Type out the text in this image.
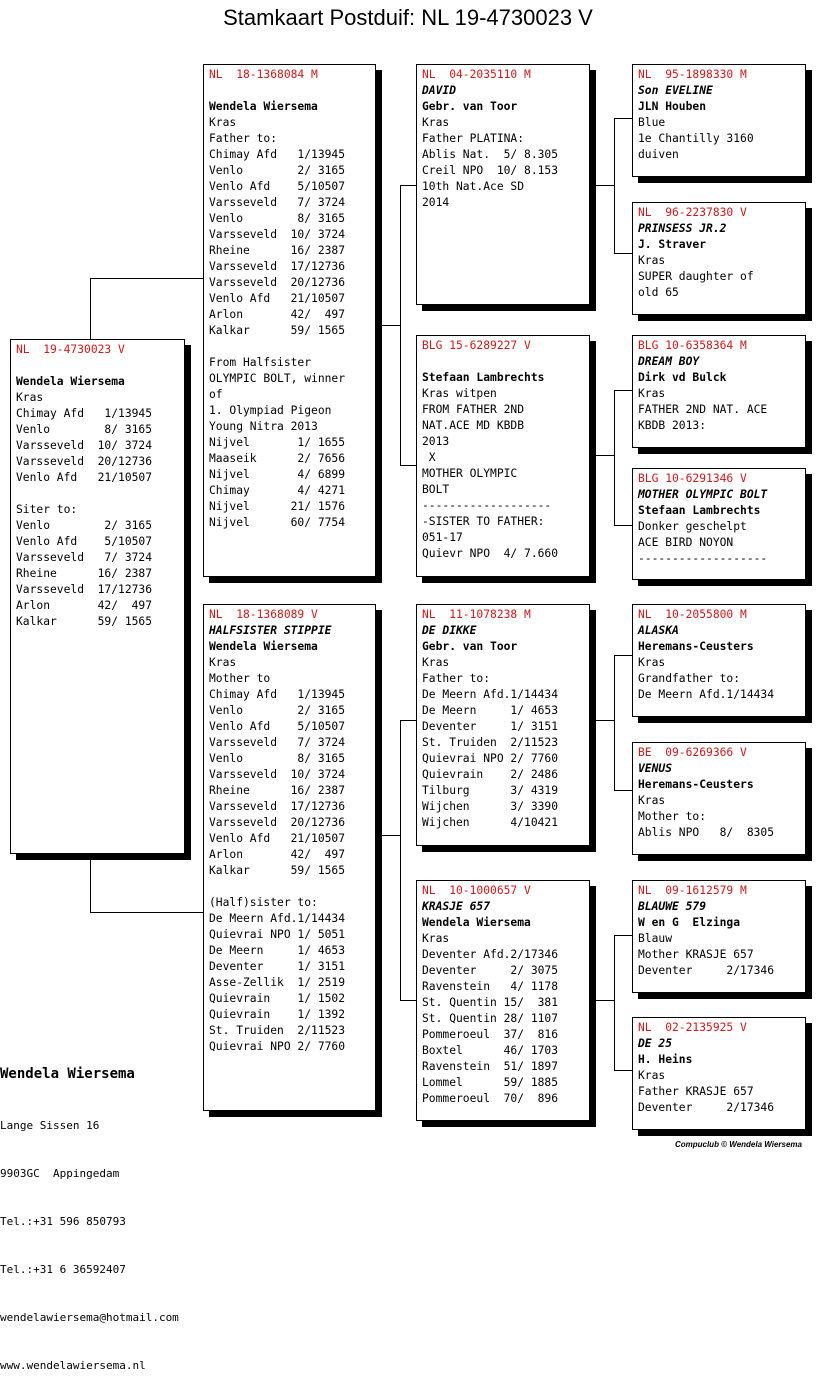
Stamkaart Postduif: NL 19-4730023 V
NL  19-4730023 V
Wendela Wiersema
Kras
Chimay Afd   1/13945
Venlo        8/ 3165
Varsseveld  10/ 3724
Varsseveld  20/12736
Venlo Afd   21/10507
Siter to:
Venlo        2/ 3165
Venlo Afd    5/10507
Varsseveld   7/ 3724
Rheine      16/ 2387
Varsseveld  17/12736
Arlon       42/  497
Kalkar      59/ 1565
NL  18-1368084 M
Wendela Wiersema
Kras
Father to:
Chimay Afd   1/13945
Venlo        2/ 3165
Venlo Afd    5/10507
Varsseveld   7/ 3724
Venlo        8/ 3165
Varsseveld  10/ 3724
Rheine      16/ 2387
Varsseveld  17/12736
Varsseveld  20/12736
Venlo Afd   21/10507
Arlon       42/  497
Kalkar      59/ 1565
From Halfsister
OLYMPIC BOLT, winner
of
1. Olympiad Pigeon
Young Nitra 2013
Nijvel       1/ 1655
Maaseik      2/ 7656
Nijvel       4/ 6899
Chimay       4/ 4271
Nijvel      21/ 1576
Nijvel      60/ 7754
NL  18-1368089 V
HALFSISTER STIPPIE
Wendela Wiersema
Kras
Mother to
Chimay Afd   1/13945
Venlo        2/ 3165
Venlo Afd    5/10507
Varsseveld   7/ 3724
Venlo        8/ 3165
Varsseveld  10/ 3724
Rheine      16/ 2387
Varsseveld  17/12736
Varsseveld  20/12736
Venlo Afd   21/10507
Arlon       42/  497
Kalkar      59/ 1565
(Half)sister to:
De Meern Afd.1/14434
Quievrai NPO 1/ 5051
De Meern     1/ 4653
Deventer     1/ 3151
Asse-Zellik  1/ 2519
Quievrain    1/ 1502
Quievrain    1/ 1392
St. Truiden  2/11523
Quievrai NPO 2/ 7760
NL  04-2035110 M
DAVID
Gebr. van Toor
Kras
Father PLATINA:
Ablis Nat.  5/ 8.305
Creil NPO  10/ 8.153
10th Nat.Ace SD
2014
BLG 15-6289227 V
Stefaan Lambrechts
Kras witpen
FROM FATHER 2ND
NAT.ACE MD KBDB
2013
X
MOTHER OLYMPIC
BOLT
-------------------
-SISTER TO FATHER:
051-17
Quievr NPO  4/ 7.660
NL  11-1078238 M
DE DIKKE
Gebr. van Toor
Kras
Father to:
De Meern Afd.1/14434
De Meern     1/ 4653
Deventer     1/ 3151
St. Truiden  2/11523
Quievrai NPO 2/ 7760
Quievrain    2/ 2486
Tilburg      3/ 4319
Wijchen      3/ 3390
Wijchen      4/10421
NL  10-1000657 V
KRASJE 657
Wendela Wiersema
Kras
Deventer Afd.2/17346
Deventer     2/ 3075
Ravenstein   4/ 1178
St. Quentin 15/  381
St. Quentin 28/ 1107
Pommeroeul  37/  816
Boxtel      46/ 1703
Ravenstein  51/ 1897
Lommel      59/ 1885
Pommeroeul  70/  896
NL  95-1898330 M
Son EVELINE
JLN Houben
Blue
1e Chantilly 3160
duiven
NL  96-2237830 V
PRINSESS JR.2
J. Straver
Kras
SUPER daughter of
old 65
BLG 10-6358364 M
DREAM BOY
Dirk vd Bulck
Kras
FATHER 2ND NAT. ACE
KBDB 2013:
BLG 10-6291346 V
MOTHER OLYMPIC BOLT
Stefaan Lambrechts
Donker geschelpt
ACE BIRD NOYON
-------------------
NL  10-2055800 M
ALASKA
Heremans-Ceusters
Kras
Grandfather to:
De Meern Afd.1/14434
BE  09-6269366 V
VENUS
Heremans-Ceusters
Kras
Mother to:
Ablis NPO   8/  8305
NL  09-1612579 M
BLAUWE 579
W en G  Elzinga
Blauw
Mother KRASJE 657
Deventer     2/17346
NL  02-2135925 V
DE 25
H. Heins
Kras
Father KRASJE 657
Deventer     2/17346

Wendela Wiersema

Lange Sissen 16

9903GC  Appingedam

Tel.:+31 596 850793

Tel.:+31 6 36592407

wendelawiersema@hotmail.com

www.wendelawiersema.nl

Compuclub © Wendela Wiersema
